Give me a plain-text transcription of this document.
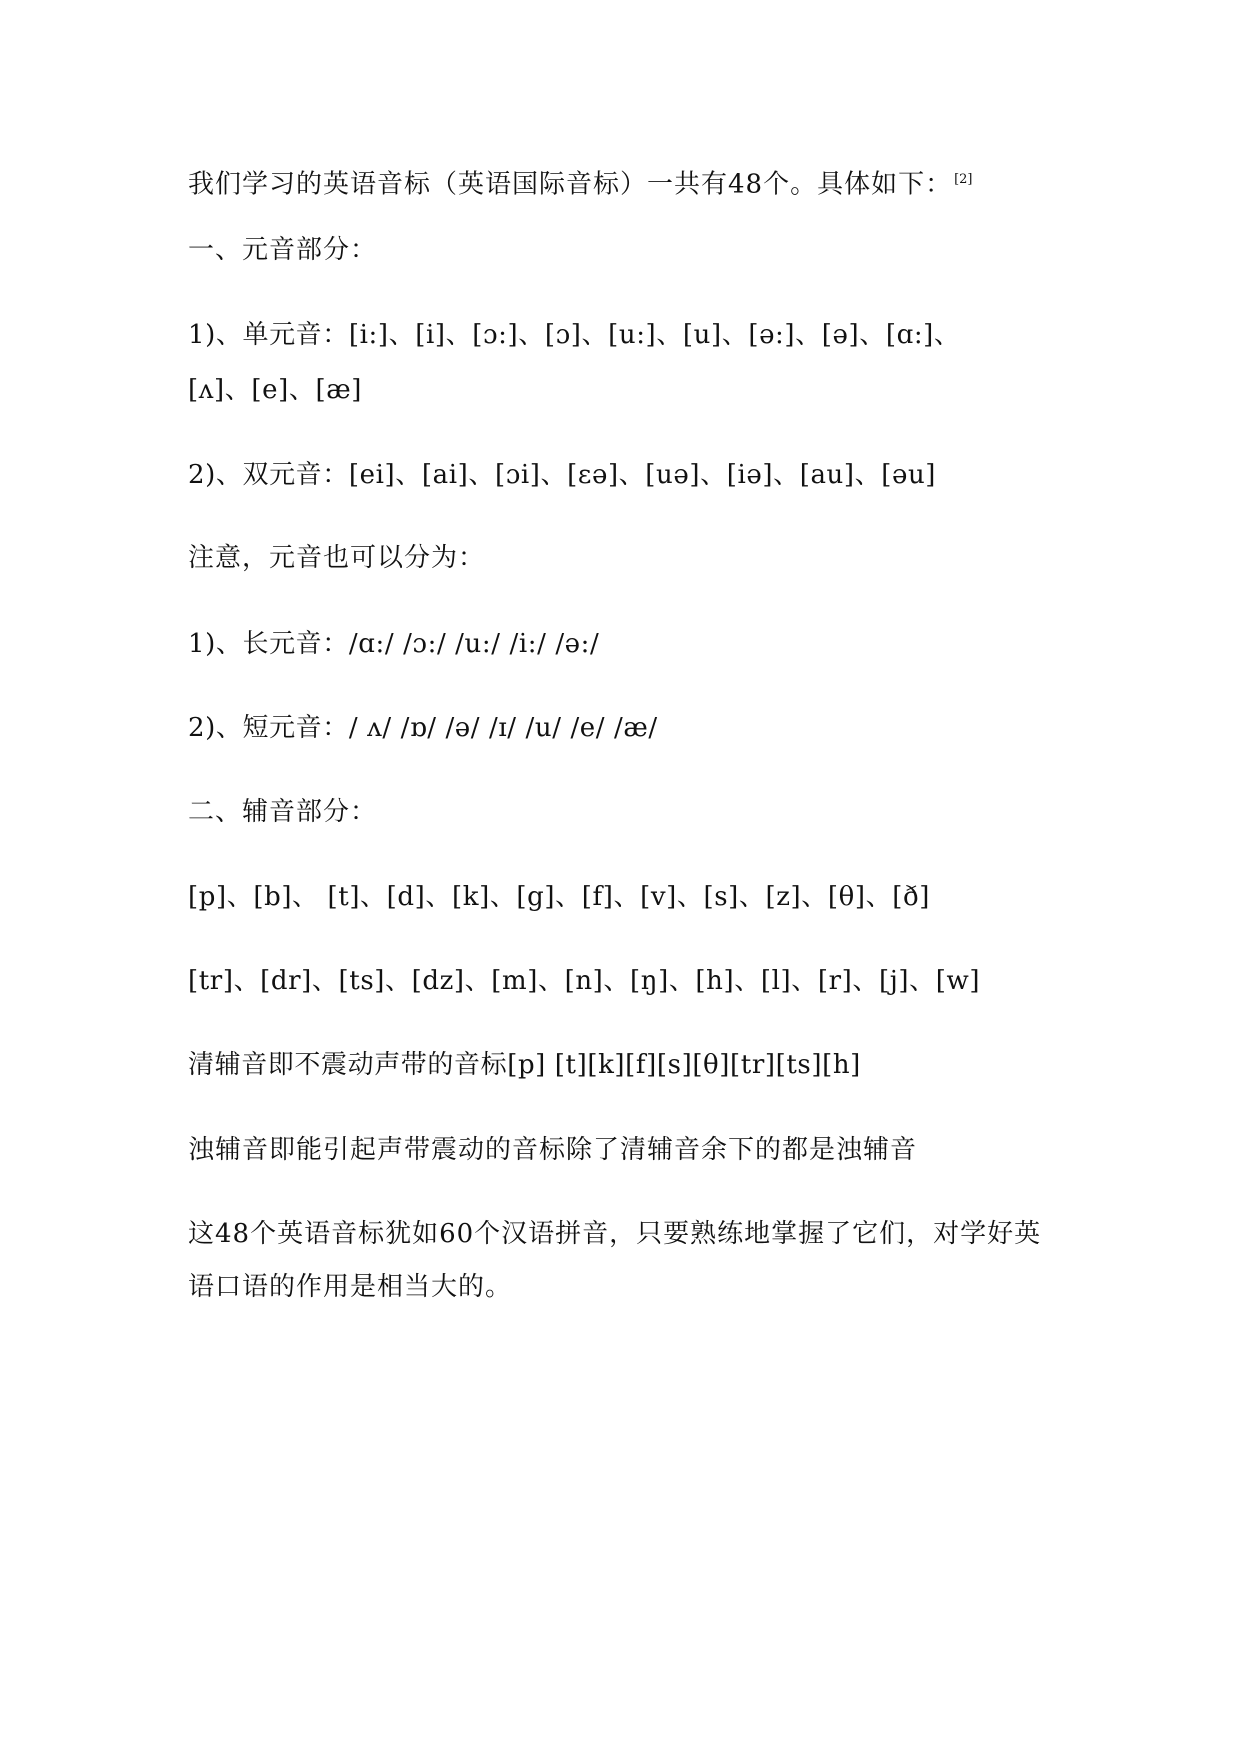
我们学习的英语音标（英语国际音标）一共有48个。具体如下： [2]
一、元音部分：
1)、单元音：[i:]、[i]、[ɔ:]、[ɔ]、[u:]、[u]、[ə:]、[ə]、[ɑ:]、
[ʌ]、[e]、[æ]
2)、双元音：[ei]、[ai]、[ɔi]、[εə]、[uə]、[iə]、[au]、[əu]
注意，元音也可以分为：
1)、长元音：/ɑ:/ /ɔ:/ /u:/ /i:/ /ə:/
2)、短元音：/ ʌ/ /ɒ/ /ə/ /ɪ/ /u/ /e/ /æ/
二、辅音部分：
[p]、[b]、 [t]、[d]、[k]、[g]、[f]、[v]、[s]、[z]、[θ]、[ð]
[tr]、[dr]、[ts]、[dz]、[m]、[n]、[ŋ]、[h]、[l]、[r]、[j]、[w]
清辅音即不震动声带的音标[p] [t][k][f][s][θ][tr][ts][h]
浊辅音即能引起声带震动的音标除了清辅音余下的都是浊辅音
这48个英语音标犹如60个汉语拼音，只要熟练地掌握了它们，对学好英
语口语的作用是相当大的。
